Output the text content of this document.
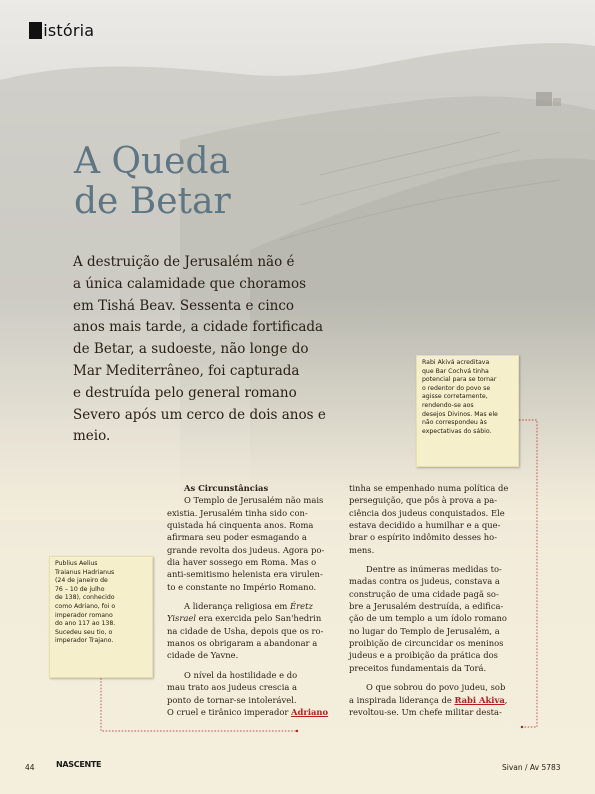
História
A Queda
de Betar
A destruição de Jerusalém não é
a única calamidade que choramos
em Tishá Beav. Sessenta e cinco
anos mais tarde, a cidade fortificada
de Betar, a sudoeste, não longe do
Mar Mediterrâneo, foi capturada
e destruída pelo general romano
Severo após um cerco de dois anos e
meio.
Rabi Akivá acreditava
que Bar Cochvá tinha
potencial para se tornar
o redentor do povo se
agisse corretamente,
rendendo-se aos
desejos Divinos. Mas ele
não correspondeu às
expectativas do sábio.
Publius Aelius
Traianus Hadrianus
(24 de janeiro de
76 – 10 de julho
de 138), conhecido
como Adriano, foi o
imperador romano
do ano 117 ao 138.
Sucedeu seu tio, o
imperador Trajano.
As Circunstâncias
O Templo de Jerusalém não mais
existia. Jerusalém tinha sido con-
quistada há cinquenta anos. Roma
afirmara seu poder esmagando a
grande revolta dos judeus. Agora po-
dia haver sossego em Roma. Mas o
anti-semitismo helenista era virulen-
to e constante no Império Romano.
A liderança religiosa em Éretz
Yisrael era exercida pelo San'hedrin
na cidade de Usha, depois que os ro-
manos os obrigaram a abandonar a
cidade de Yavne.
O nível da hostilidade e do
mau trato aos judeus crescia a
ponto de tornar-se intolerável.
O cruel e tirânico imperador Adriano
tinha se empenhado numa política de
perseguição, que pôs à prova a pa-
ciência dos judeus conquistados. Ele
estava decidido a humilhar e a que-
brar o espírito indômito desses ho-
mens.
Dentre as inúmeras medidas to-
madas contra os judeus, constava a
construção de uma cidade pagã so-
bre a Jerusalém destruída, a edifica-
ção de um templo a um ídolo romano
no lugar do Templo de Jerusalém, a
proibição de circuncidar os meninos
judeus e a proibição da prática dos
preceitos fundamentais da Torá.
O que sobrou do povo judeu, sob
a inspirada liderança de Rabi Akiva,
revoltou-se. Um chefe militar desta-
44	NASCENTE	Sivan / Av 5783
